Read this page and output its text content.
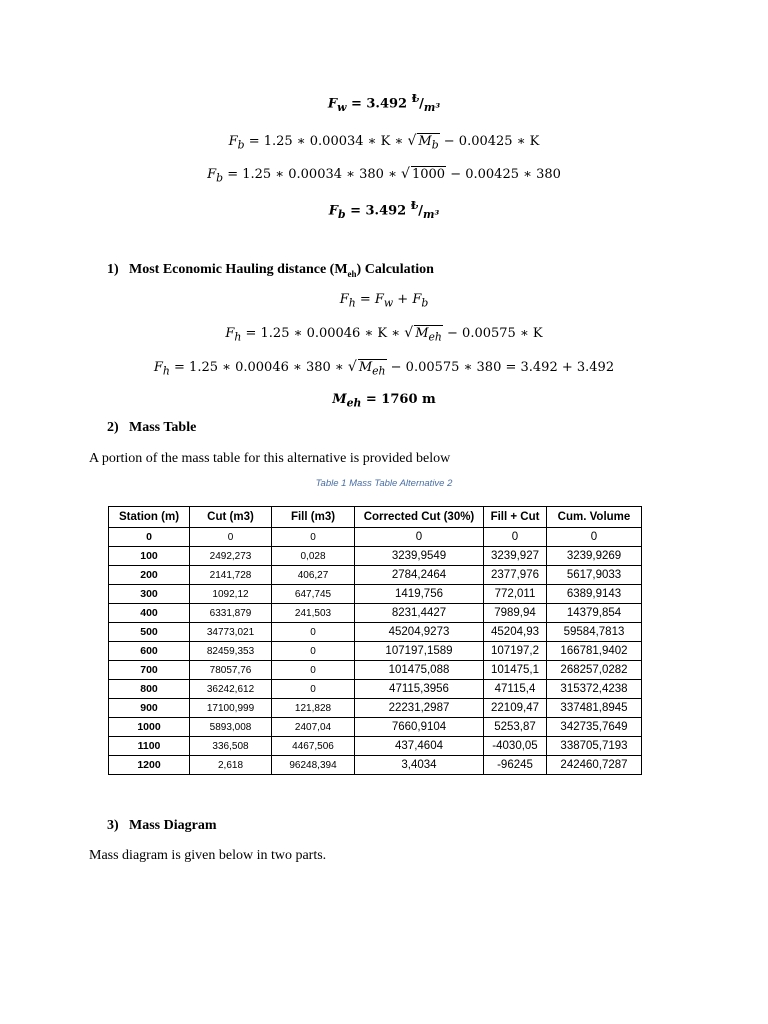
$F_w = 3.492$ $^₺/_{m^3}$
$F_b = 1.25$ ∗ 0.00034 ∗ K ∗ √ $M_b - 0.00425$ ∗ K
$F_b = 1.25$ ∗ 0.00034 ∗ 380 ∗ √ 1000 − 0.00425 ∗ 380
$F_b = 3.492$ $^₺/_{m^3}$
1) Most Economic Hauling distance $(M_{eh})$ Calculation
$F_h = F_w + F_b$
$F_h = 1.25$ ∗ 0.00046 ∗ K ∗ √ $M_{eh} - 0.00575$ ∗ K
$F_h = 1.25$ ∗ 0.00046 ∗ 380 ∗ √ $M_{eh} - 0.00575$ ∗ 380 = 3.492 + 3.492
$M_{eh} = 1760$ m
2) Mass Table
A portion of the mass table for this alternative is provided below
Table 1 Mass Table Alternative 2
Station (m)	Cut (m3)	Fill (m3)	Corrected Cut (30%)	Fill + Cut	Cum. Volume
0	0	0	0	0	0
100	2492,273	0,028	3239,9549	3239,927	3239,9269
200	2141,728	406,27	2784,2464	2377,976	5617,9033
300	1092,12	647,745	1419,756	772,011	6389,9143
400	6331,879	241,503	8231,4427	7989,94	14379,854
500	34773,021	0	45204,9273	45204,93	59584,7813
600	82459,353	0	107197,1589	107197,2	166781,9402
700	78057,76	0	101475,088	101475,1	268257,0282
800	36242,612	0	47115,3956	47115,4	315372,4238
900	17100,999	121,828	22231,2987	22109,47	337481,8945
1000	5893,008	2407,04	7660,9104	5253,87	342735,7649
1100	336,508	4467,506	437,4604	-4030,05	338705,7193
1200	2,618	96248,394	3,4034	-96245	242460,7287
3) Mass Diagram
Mass diagram is given below in two parts.
